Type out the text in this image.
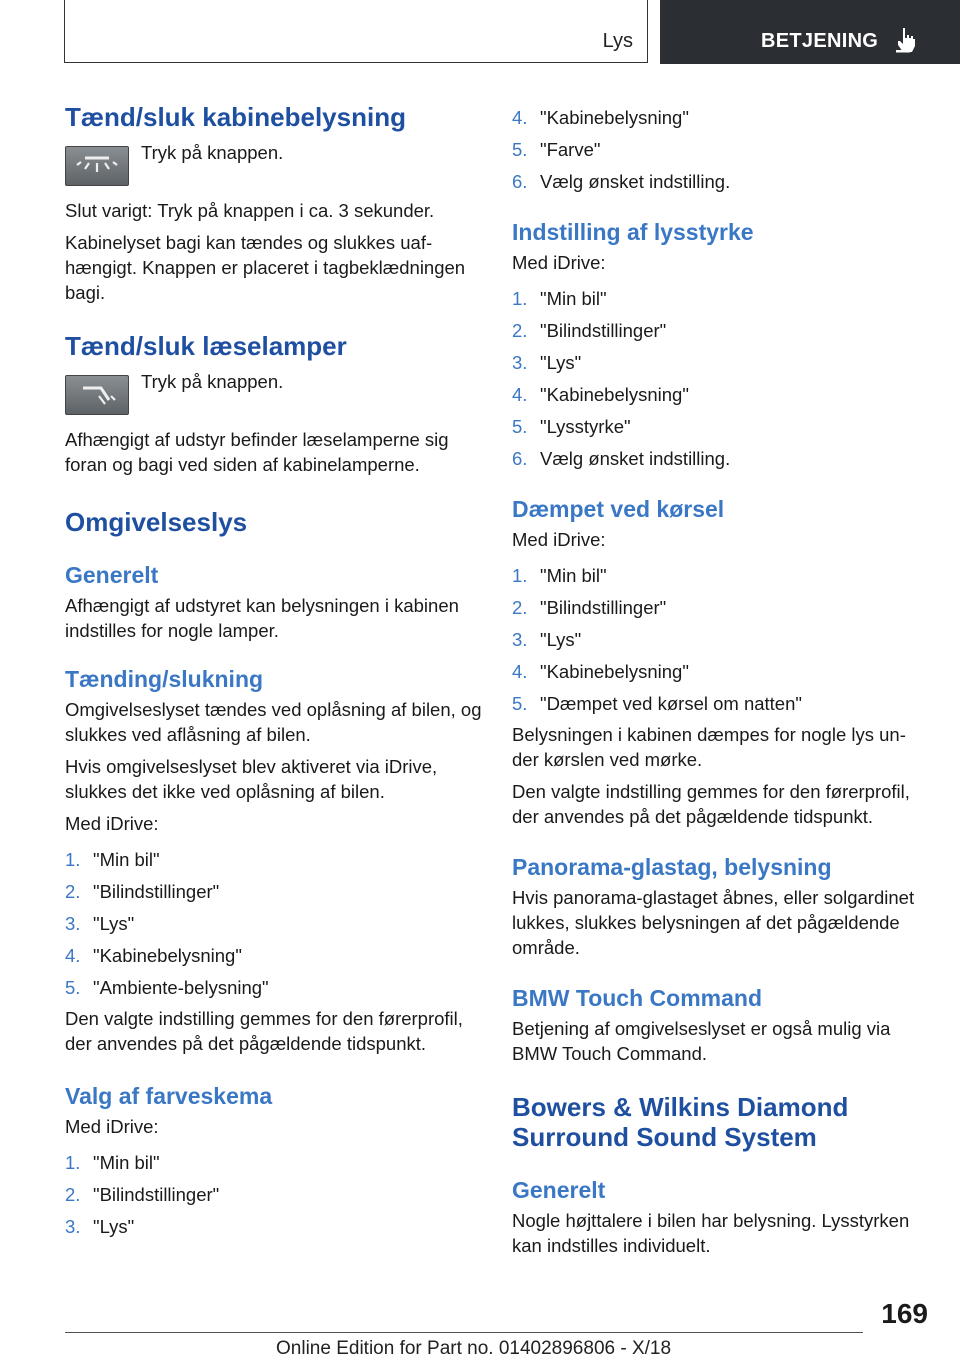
Lys	BETJENING
Tænd/sluk kabinebelysning

Tryk på knappen.

Slut varigt: Tryk på knappen i ca. 3 sekunder.

Kabinelyset bagi kan tændes og slukkes uaf-hængigt. Knappen er placeret i tagbeklædningen bagi.

Tænd/sluk læselamper

Tryk på knappen.

Afhængigt af udstyr befinder læselamperne sig foran og bagi ved siden af kabinelamperne.

Omgivelseslys
Generelt

Afhængigt af udstyret kan belysningen i kabinen indstilles for nogle lamper.

Tænding/slukning

Omgivelseslyset tændes ved oplåsning af bilen, og slukkes ved aflåsning af bilen.

Hvis omgivelseslyset blev aktiveret via iDrive, slukkes det ikke ved oplåsning af bilen.

Med iDrive:

1. "Min bil"
2. "Bilindstillinger"
3. "Lys"
4. "Kabinebelysning"
5. "Ambiente-belysning"

Den valgte indstilling gemmes for den førerprofil, der anvendes på det pågældende tidspunkt.

Valg af farveskema

Med iDrive:

1. "Min bil"
2. "Bilindstillinger"
3. "Lys"
4. "Kabinebelysning"
5. "Farve"
6. Vælg ønsket indstilling.
Indstilling af lysstyrke

Med iDrive:

1. "Min bil"
2. "Bilindstillinger"
3. "Lys"
4. "Kabinebelysning"
5. "Lysstyrke"
6. Vælg ønsket indstilling.
Dæmpet ved kørsel

Med iDrive:

1. "Min bil"
2. "Bilindstillinger"
3. "Lys"
4. "Kabinebelysning"
5. "Dæmpet ved kørsel om natten"

Belysningen i kabinen dæmpes for nogle lys un-der kørslen ved mørke.

Den valgte indstilling gemmes for den førerprofil, der anvendes på det pågældende tidspunkt.

Panorama-glastag, belysning

Hvis panorama-glastaget åbnes, eller solgardinet lukkes, slukkes belysningen af det pågældende område.

BMW Touch Command

Betjening af omgivelseslyset er også mulig via BMW Touch Command.

Bowers & Wilkins Diamond Surround Sound System
Generelt

Nogle højttalere i bilen har belysning. Lysstyrken kan indstilles individuelt.

169
Online Edition for Part no. 01402896806 - X/18
